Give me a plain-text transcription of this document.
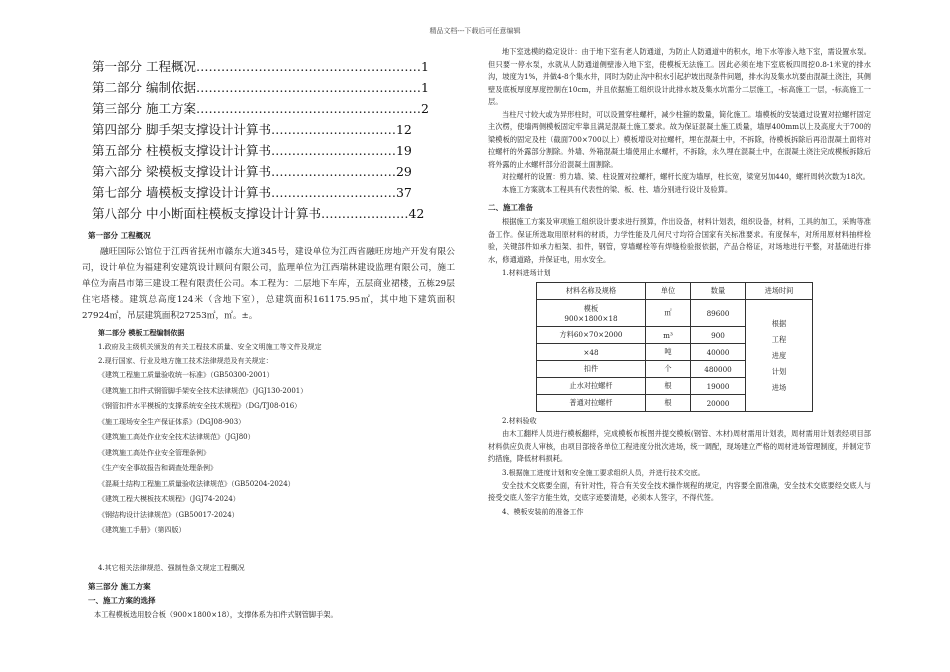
精品文档---下载后可任意编辑
第一部分 工程概况………………………………………………1
第二部分 编制依据………………………………………………1
第三部分 施工方案………………………………………………2
第四部分 脚手架支撑设计计算书…………………………12
第五部分 柱模板支撑设计计算书…………………………19
第六部分 梁模板支撑设计计算书…………………………29
第七部分 墙模板支撑设计计算书…………………………37
第八部分 中小断面柱模板支撑设计计算书…………………42
第一部分 工程概况

融旺国际公馆位于江西省抚州市赣东大道345号，建设单位为江西省融旺房地产开发有限公司，设计单位为福建利安建筑设计顾问有限公司，监理单位为江西瑞林建设监理有限公司，施工单位为南昌市第三建设工程有限责任公司。本工程为：二层地下车库，五层商业裙楼，五栋29层住宅塔楼。建筑总高度124米（含地下室），总建筑面积161175.95㎡，其中地下建筑面积27924㎡，吊层建筑面积27253㎡，㎡。±。

第二部分 模板工程编制依据
1.政府及主级机关颁发的有关工程技术质量、安全文明施工等文件及规定
2.现行国家、行业及地方施工技术法律规范及有关规定：
《建筑工程施工质量验收统一标准》（GB50300-2001）
《建筑施工扣件式钢管脚手架安全技术法律规范》（JGJ130-2001）
《钢管扣件水平模板的支撑系统安全技术规程》（DG/TJ08-016）
《施工现场安全生产保证体系》（DGJ08-903）
《建筑施工高处作业安全技术法律规范》（JGJ80）
《建筑施工高处作业安全管理条例》
《生产安全事故报告和调查处理条例》
《混凝土结构工程施工质量验收法律规范》（GB50204-2024）
《建筑工程大模板技术规程》（JGJ74-2024）
《钢结构设计法律规范》（GB50017-2024）
《建筑施工手册》（第四版）
4.其它相关法律规范、强制性条文规定工程概况
第三部分 施工方案
一、施工方案的选择

本工程模板选用胶合板（900×1800×18），支撑体系为扣件式钢管脚手架。

地下室选模的稳定设计：由于地下室有老人防通道，为防止人防通道中的积水，地下水等渗入地下室，需设置水泵。但只要一停水泵，水就从人防通道侧壁渗入地下室，使模板无法施工。因此必须在地下室底板四周挖0.8-1米宽的排水沟，坡度为1%，并做4-8个集水井，同时为防止沟中积水引起护坡出现条件问题，排水沟及集水坑要由混凝土浇注，其侧壁及底板厚度厚度控制在10cm，并且依据施工组织设计此排水坡及集水坑需分二层施工，-标高施工一层，-标高施工一层。

当柱尺寸较大或为异形柱时，可以设置穿柱螺杆，减少柱箍的数量，简化施工。墙模板的安装通过设置对拉螺杆固定主次楞，使墙两侧模板固定牢靠且满足混凝土施工要求。故为保证混凝土施工质量，墙厚400mm以上及高度大于700的梁模板的固定及柱（截面700×700以上）模板增设对拉螺杆，埋在混凝土中，不拆除，待模板拆除后再沿混凝土面将对拉螺杆的外露部分割除。外墙、外箱混凝土墙使用止水螺杆，不拆除，永久埋在混凝土中，在混凝土浇注完成模板拆除后将外露的止水螺杆部分沿混凝土面割除。

对拉螺杆的设置：剪力墙、梁、柱设置对拉螺杆，螺杆长度为墙厚，柱长宽，梁宽另加440，螺杆周转次数为18次。

本施工方案就本工程具有代表性的梁、板、柱、墙分别进行设计及验算。

二、施工准备

根据施工方案及审项施工组织设计要求进行预算，作出设备，材料计划表，组织设备，材料，工具的加工，采购等准备工作。保证所选取用原材料的材质，力学性能及几何尺寸均符合国家有关标准要求。有度保车，对所用原材料抽样检验，关键部件如承力桓架、扣件，钢管，穿墙螺栓等有焊缝检验报依据，产品合格证，对场地进行平整，对基础进行排水，修通道路，并保证电，用水安全。

1.材料进场计划
材料名称及规格	单位	数量	进场时间
模板
900×1800×18	㎡	89600	根据工程进度计划进场

方料60×70×2000	m³	900	
×48	吨	40000	
扣件	个	480000	
止水对拉螺杆	根	19000	
普通对拉螺杆	根	20000	
2.材料验收

由木工翻样人员进行模板翻样，完成模板布板图并提交模板(钢管、木材)周材需用计划表，周材需用计划表经项目部材料供应负责人审核，由项目部接各单位工程进度分批次进场，统一调配，现场建立严格的周材进场管理制度，并制定节约措施，降低材料损耗。

3.根据施工进度计划和安全施工要求组织人员，并进行技术交底。

安全技术交底要全面，有针对性，符合有关安全技术操作规程的规定，内容要全面准确，安全技术交底要经交底人与接受交底人签字方能生效，交底字迹要清楚，必须本人签字，不得代签。

4、模板安装前的准备工作
